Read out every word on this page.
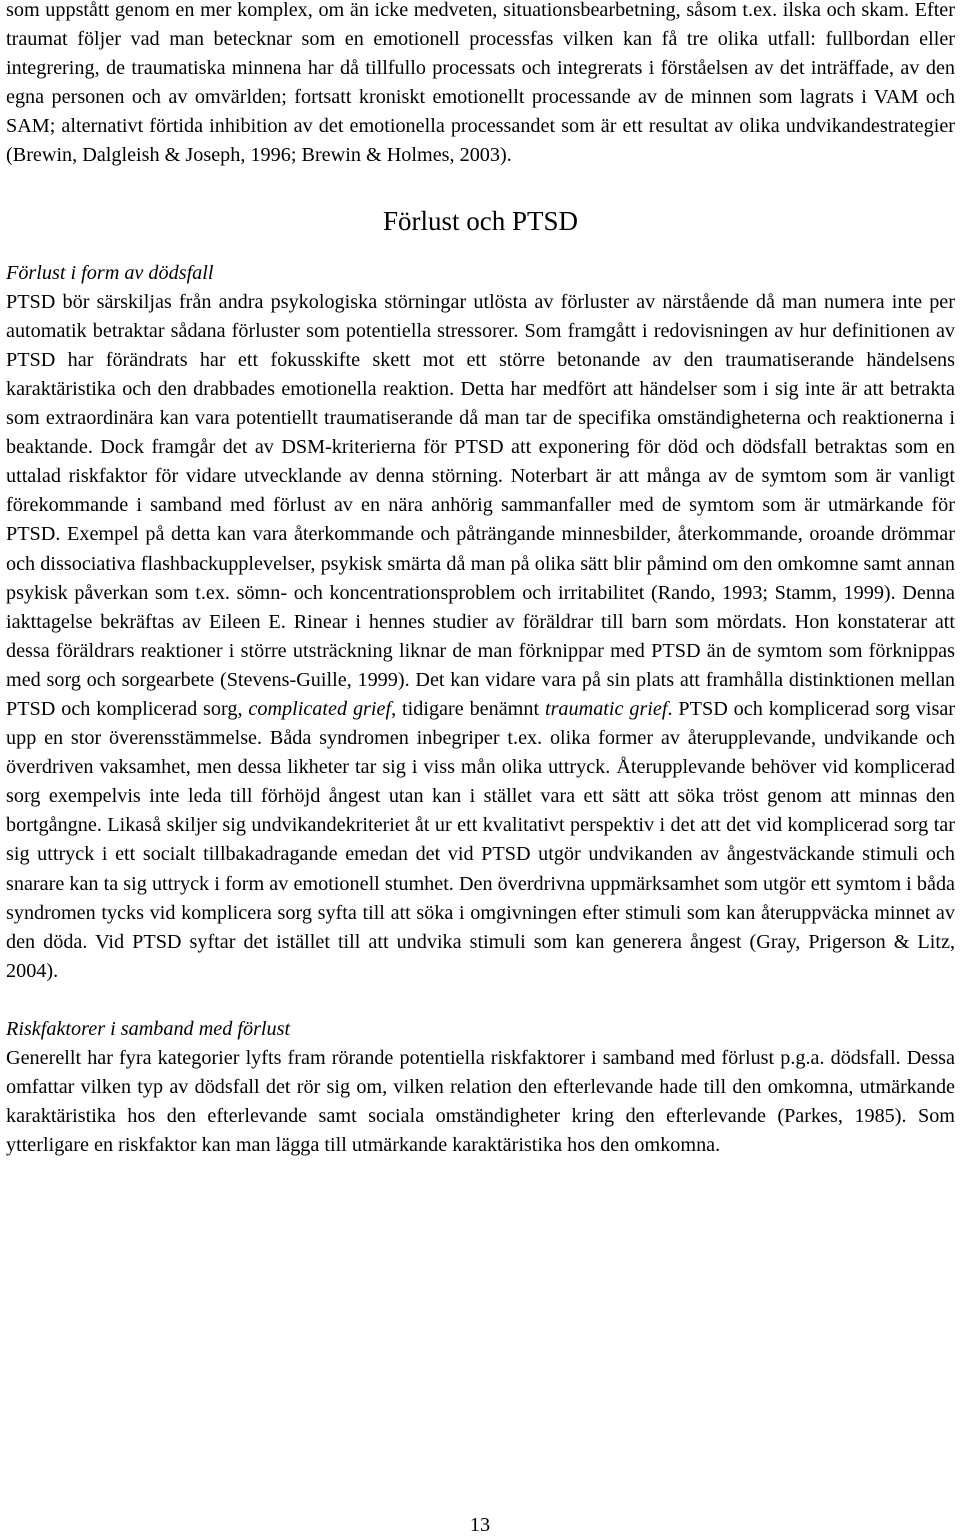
som uppstått genom en mer komplex, om än icke medveten, situationsbearbetning, såsom t.ex. ilska och skam. Efter traumat följer vad man betecknar som en emotionell processfas vilken kan få tre olika utfall: fullbordan eller integrering, de traumatiska minnena har då tillfullo processats och integrerats i förståelsen av det inträffade, av den egna personen och av omvärlden; fortsatt kroniskt emotionellt processande av de minnen som lagrats i VAM och SAM; alternativt förtida inhibition av det emotionella processandet som är ett resultat av olika undvikandestrategier (Brewin, Dalgleish & Joseph, 1996; Brewin & Holmes, 2003).

Förlust och PTSD
Förlust i form av dödsfall

PTSD bör särskiljas från andra psykologiska störningar utlösta av förluster av närstående då man numera inte per automatik betraktar sådana förluster som potentiella stressorer. Som framgått i redovisningen av hur definitionen av PTSD har förändrats har ett fokusskifte skett mot ett större betonande av den traumatiserande händelsens karaktäristika och den drabbades emotionella reaktion. Detta har medfört att händelser som i sig inte är att betrakta som extraordinära kan vara potentiellt traumatiserande då man tar de specifika omständigheterna och reaktionerna i beaktande. Dock framgår det av DSM-kriterierna för PTSD att exponering för död och dödsfall betraktas som en uttalad riskfaktor för vidare utvecklande av denna störning. Noterbart är att många av de symtom som är vanligt förekommande i samband med förlust av en nära anhörig sammanfaller med de symtom som är utmärkande för PTSD. Exempel på detta kan vara återkommande och påträngande minnesbilder, återkommande, oroande drömmar och dissociativa flashbackupplevelser, psykisk smärta då man på olika sätt blir påmind om den omkomne samt annan psykisk påverkan som t.ex. sömn- och koncentrationsproblem och irritabilitet (Rando, 1993; Stamm, 1999). Denna iakttagelse bekräftas av Eileen E. Rinear i hennes studier av föräldrar till barn som mördats. Hon konstaterar att dessa föräldrars reaktioner i större utsträckning liknar de man förknippar med PTSD än de symtom som förknippas med sorg och sorgearbete (Stevens-Guille, 1999). Det kan vidare vara på sin plats att framhålla distinktionen mellan PTSD och komplicerad sorg, complicated grief, tidigare benämnt traumatic grief. PTSD och komplicerad sorg visar upp en stor överensstämmelse. Båda syndromen inbegriper t.ex. olika former av återupplevande, undvikande och överdriven vaksamhet, men dessa likheter tar sig i viss mån olika uttryck. Återupplevande behöver vid komplicerad sorg exempelvis inte leda till förhöjd ångest utan kan i stället vara ett sätt att söka tröst genom att minnas den bortgångne. Likaså skiljer sig undvikandekriteriet åt ur ett kvalitativt perspektiv i det att det vid komplicerad sorg tar sig uttryck i ett socialt tillbakadragande emedan det vid PTSD utgör undvikanden av ångestväckande stimuli och snarare kan ta sig uttryck i form av emotionell stumhet. Den överdrivna uppmärksamhet som utgör ett symtom i båda syndromen tycks vid komplicera sorg syfta till att söka i omgivningen efter stimuli som kan återuppväcka minnet av den döda. Vid PTSD syftar det istället till att undvika stimuli som kan generera ångest (Gray, Prigerson & Litz, 2004).

Riskfaktorer i samband med förlust

Generellt har fyra kategorier lyfts fram rörande potentiella riskfaktorer i samband med förlust p.g.a. dödsfall. Dessa omfattar vilken typ av dödsfall det rör sig om, vilken relation den efterlevande hade till den omkomna, utmärkande karaktäristika hos den efterlevande samt sociala omständigheter kring den efterlevande (Parkes, 1985). Som ytterligare en riskfaktor kan man lägga till utmärkande karaktäristika hos den omkomna.

13
